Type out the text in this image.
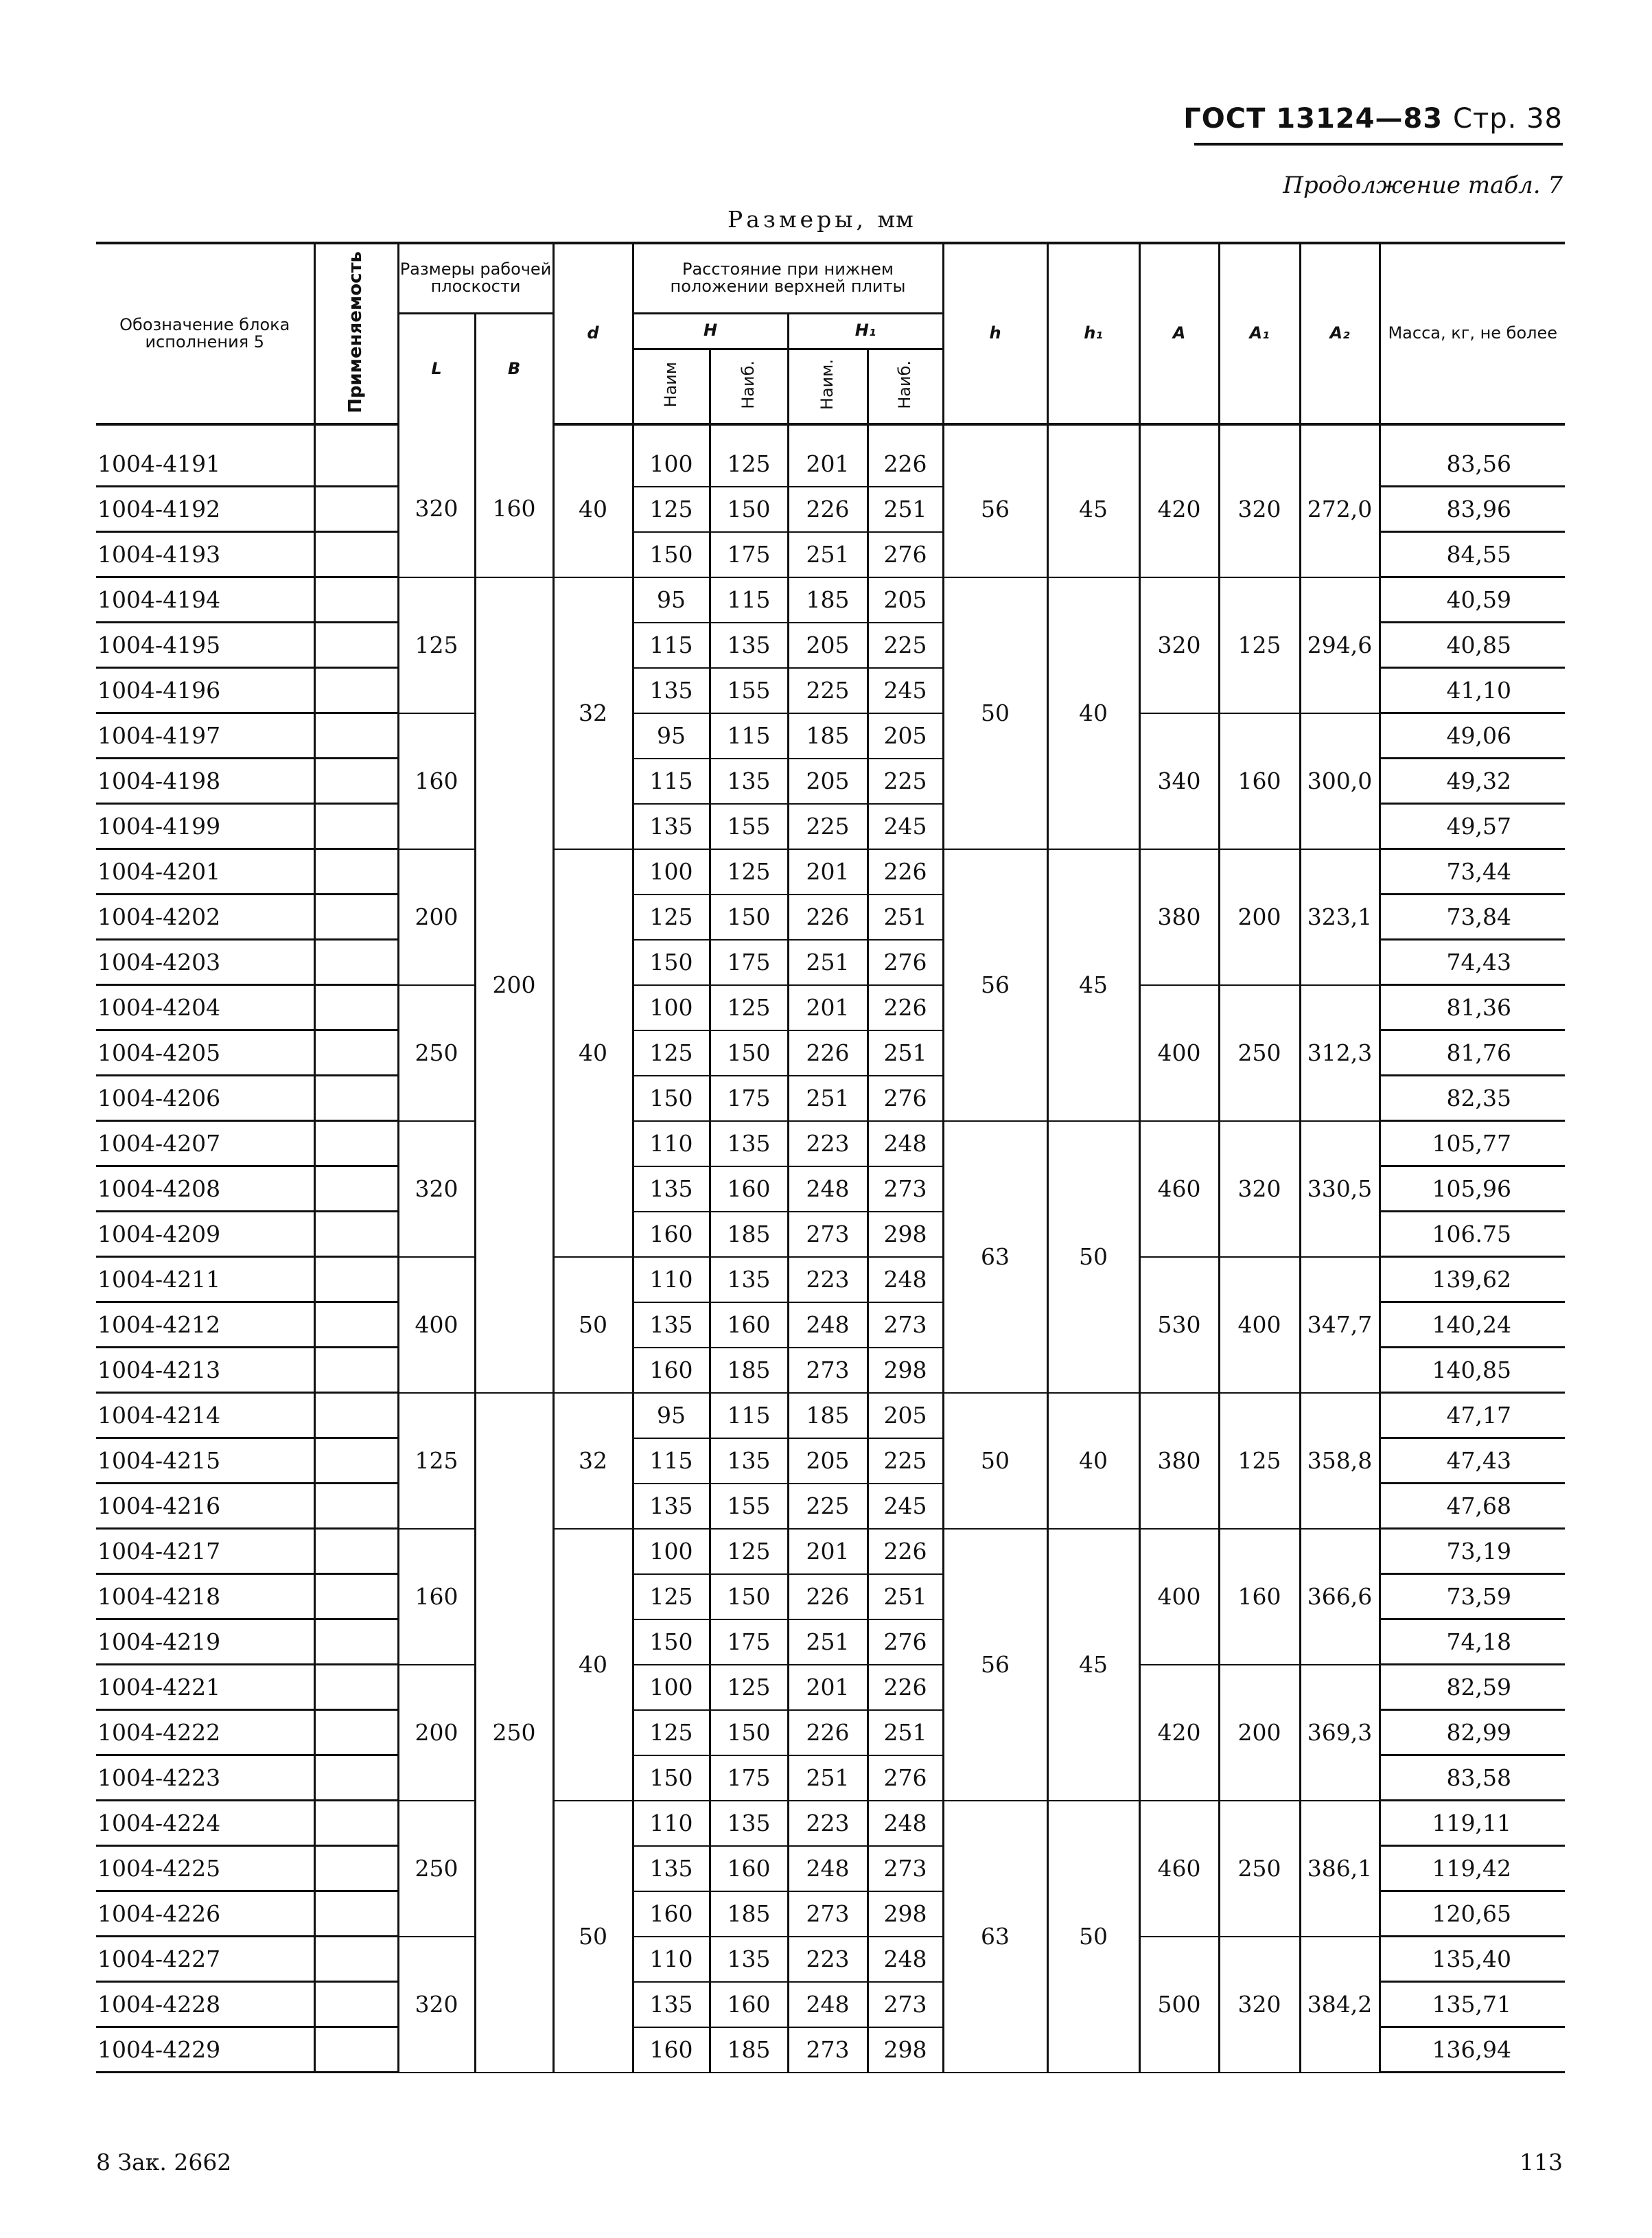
ГОСТ 13124—83 Стр. 38
Продолжение табл. 7
Размеры, мм
Обозначение блока исполнения 5	Применяемость	Размеры рабочей плоскости		d	Расстояние при нижнем положении верхней плиты				h	h₁	A	A₁	A₂	Масса, кг, не более
		L	B		H		H₁							
					Наим	Наиб.	Наим.	Наиб.						
1004-4191		320	160	40	100	125	201	226	56	45	420	320	272,0	83,56
1004-4192					125	150	226	251						83,96
1004-4193					150	175	251	276						84,55
1004-4194		125	200	32	95	115	185	205	50	40	320	125	294,6	40,59
1004-4195					115	135	205	225						40,85
1004-4196					135	155	225	245						41,10
1004-4197		160			95	115	185	205			340	160	300,0	49,06
1004-4198					115	135	205	225						49,32
1004-4199					135	155	225	245						49,57
1004-4201		200		40	100	125	201	226	56	45	380	200	323,1	73,44
1004-4202					125	150	226	251						73,84
1004-4203					150	175	251	276						74,43
1004-4204		250			100	125	201	226			400	250	312,3	81,36
1004-4205					125	150	226	251						81,76
1004-4206					150	175	251	276						82,35
1004-4207		320			110	135	223	248	63	50	460	320	330,5	105,77
1004-4208					135	160	248	273						105,96
1004-4209					160	185	273	298						106.75
1004-4211		400		50	110	135	223	248			530	400	347,7	139,62
1004-4212					135	160	248	273						140,24
1004-4213					160	185	273	298						140,85
1004-4214		125	250	32	95	115	185	205	50	40	380	125	358,8	47,17
1004-4215					115	135	205	225						47,43
1004-4216					135	155	225	245						47,68
1004-4217		160		40	100	125	201	226	56	45	400	160	366,6	73,19
1004-4218					125	150	226	251						73,59
1004-4219					150	175	251	276						74,18
1004-4221		200			100	125	201	226			420	200	369,3	82,59
1004-4222					125	150	226	251						82,99
1004-4223					150	175	251	276						83,58
1004-4224		250		50	110	135	223	248	63	50	460	250	386,1	119,11
1004-4225					135	160	248	273						119,42
1004-4226					160	185	273	298						120,65
1004-4227		320			110	135	223	248			500	320	384,2	135,40
1004-4228					135	160	248	273						135,71
1004-4229					160	185	273	298						136,94
8 Зак. 2662	113
